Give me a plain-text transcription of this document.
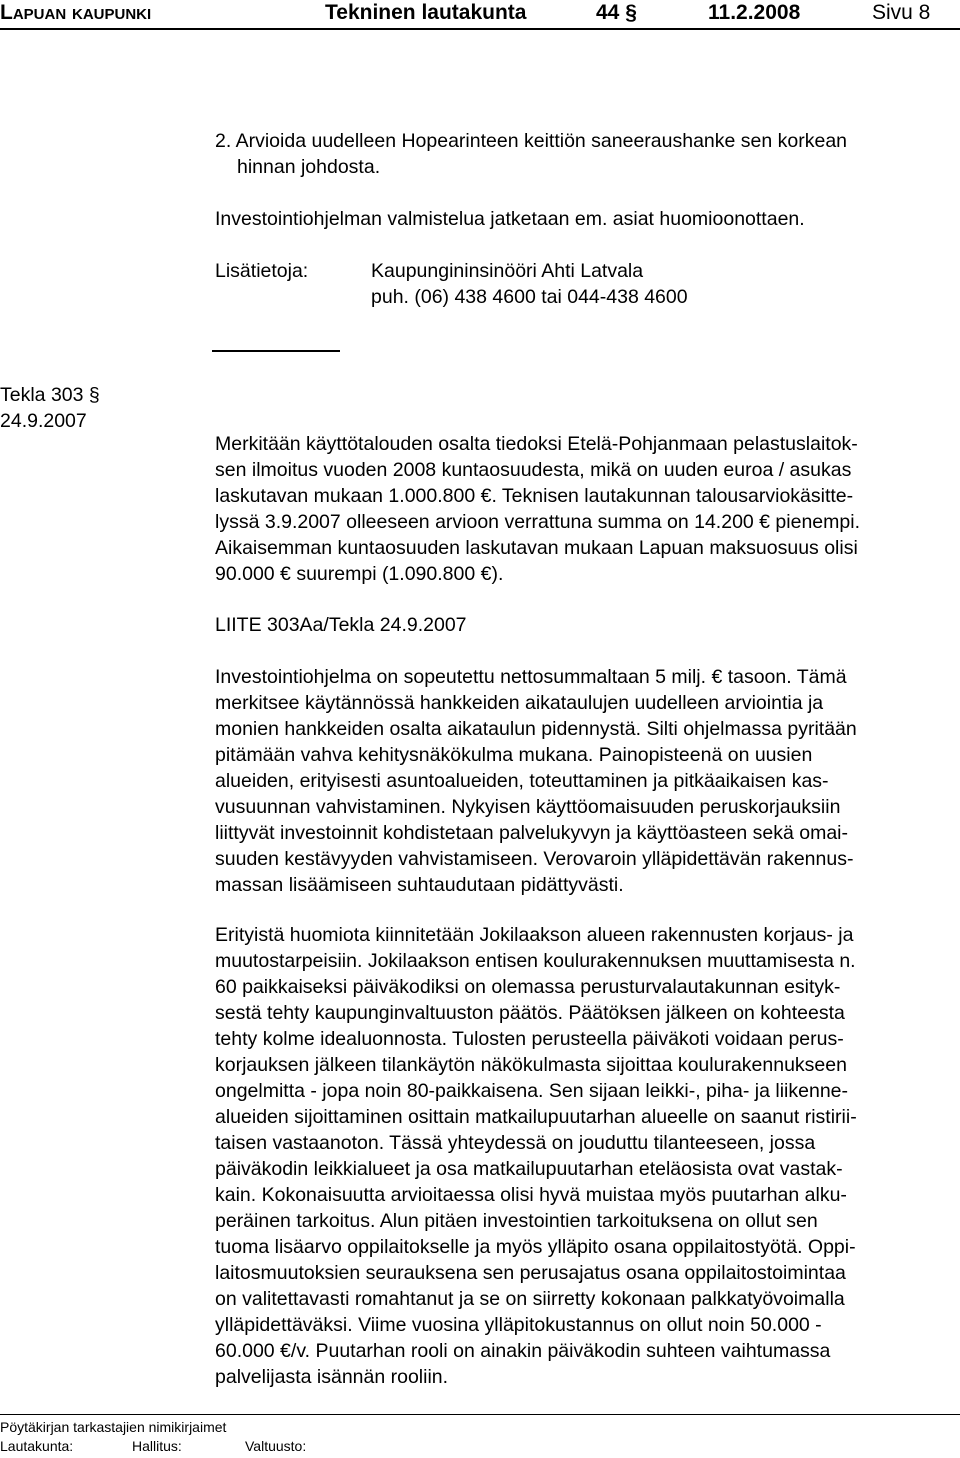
Lapuan kaupunki	Tekninen lautakunta	44 §	11.2.2008	Sivu 8
2. Arvioida uudelleen Hopearinteen keittiön saneeraushanke sen korkean
hinnan johdosta.
Investointiohjelman valmistelua jatketaan em. asiat huomioonottaen.
Lisätietoja:	Kaupungininsinööri Ahti Latvala
puh. (06) 438 4600 tai 044-438 4600
Tekla 303 §
24.9.2007
Merkitään käyttötalouden osalta tiedoksi Etelä-Pohjanmaan pelastuslaitok-
sen ilmoitus vuoden 2008 kuntaosuudesta, mikä on uuden euroa / asukas
laskutavan mukaan 1.000.800 €. Teknisen lautakunnan talousarviokäsitte-
lyssä 3.9.2007 olleeseen arvioon verrattuna summa on 14.200 € pienempi.
Aikaisemman kuntaosuuden laskutavan mukaan Lapuan maksuosuus olisi
90.000 € suurempi (1.090.800 €).
LIITE 303Aa/Tekla 24.9.2007
Investointiohjelma on sopeutettu nettosummaltaan 5 milj. € tasoon. Tämä
merkitsee käytännössä hankkeiden aikataulujen uudelleen arviointia ja
monien hankkeiden osalta aikataulun pidennystä. Silti ohjelmassa pyritään
pitämään vahva kehitysnäkökulma mukana. Painopisteenä on uusien
alueiden, erityisesti asuntoalueiden, toteuttaminen ja pitkäaikaisen kas-
vusuunnan vahvistaminen. Nykyisen käyttöomaisuuden peruskorjauksiin
liittyvät investoinnit kohdistetaan palvelukyvyn ja käyttöasteen sekä omai-
suuden kestävyyden vahvistamiseen. Verovaroin ylläpidettävän rakennus-
massan lisäämiseen suhtaudutaan pidättyvästi.
Erityistä huomiota kiinnitetään Jokilaakson alueen rakennusten korjaus- ja
muutostarpeisiin. Jokilaakson entisen koulurakennuksen muuttamisesta n.
60 paikkaiseksi päiväkodiksi on olemassa perusturvalautakunnan esityk-
sestä tehty kaupunginvaltuuston päätös. Päätöksen jälkeen on kohteesta
tehty kolme idealuonnosta. Tulosten perusteella päiväkoti voidaan perus-
korjauksen jälkeen tilankäytön näkökulmasta sijoittaa koulurakennukseen
ongelmitta - jopa noin 80-paikkaisena. Sen sijaan leikki-, piha- ja liikenne-
alueiden sijoittaminen osittain matkailupuutarhan alueelle on saanut ristirii-
taisen vastaanoton. Tässä yhteydessä on jouduttu tilanteeseen, jossa
päiväkodin leikkialueet ja osa matkailupuutarhan eteläosista ovat vastak-
kain. Kokonaisuutta arvioitaessa olisi hyvä muistaa myös puutarhan alku-
peräinen tarkoitus. Alun pitäen investointien tarkoituksena on ollut sen
tuoma lisäarvo oppilaitokselle ja myös ylläpito osana oppilaitostyötä. Oppi-
laitosmuutoksien seurauksena sen perusajatus osana oppilaitostoimintaa
on valitettavasti romahtanut ja se on siirretty kokonaan palkkatyövoimalla
ylläpidettäväksi. Viime vuosina ylläpitokustannus on ollut noin 50.000 -
60.000 €/v. Puutarhan rooli on ainakin päiväkodin suhteen vaihtumassa
palvelijasta isännän rooliin.
Pöytäkirjan tarkastajien nimikirjaimet
Lautakunta:	Hallitus:	Valtuusto:
